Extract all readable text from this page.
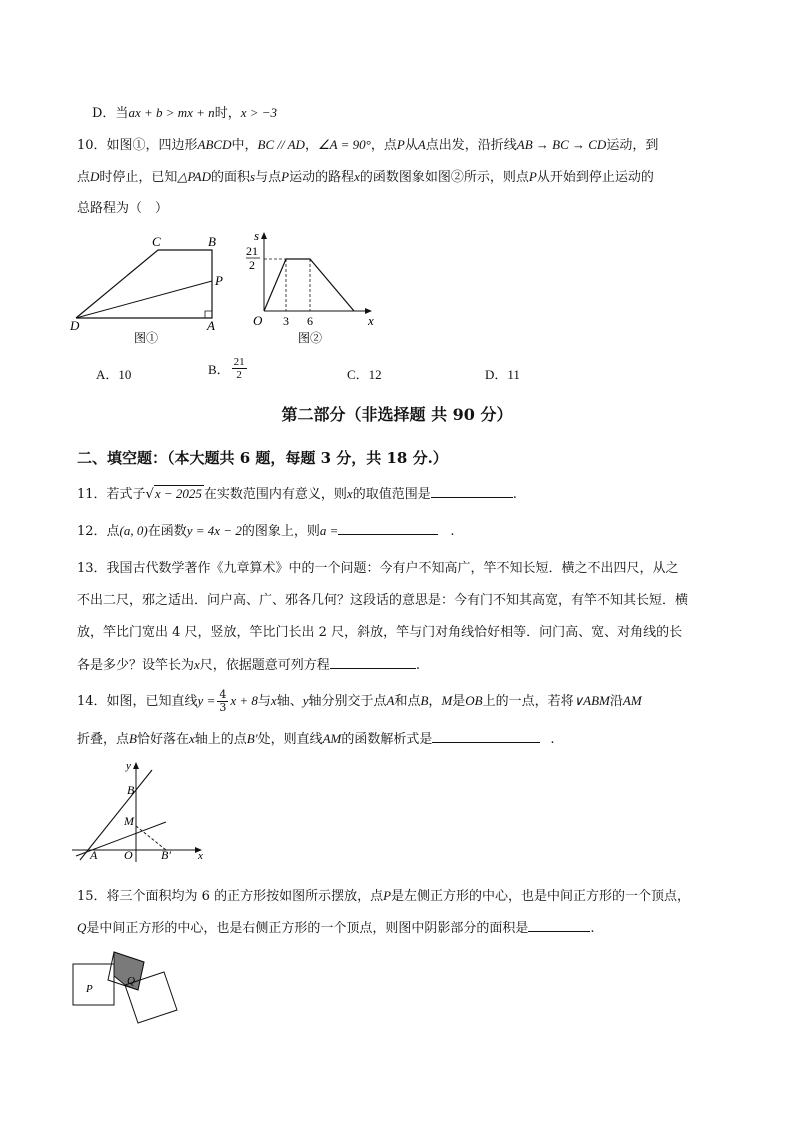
D．当ax + b > mx + n时，x > −3
10．如图①，四边形ABCD中，BC // AD，∠A = 90°，点P从A点出发，沿折线AB → BC → CD运动，到
点D时停止，已知△PAD的面积s与点P运动的路程x的函数图象如图②所示，则点P从开始到停止运动的
总路程为（　）
C	B
P
D	A
图①
s
21
2
O 3 6	x
图②
A．10	B． $\frac{21}{2}$	C．12	D．11
第二部分（非选择题 共 90 分）
二、填空题：（本大题共 6 题，每题 3 分，共 18 分.）
11．若式子√x − 2025 在实数范围内有意义，则x的取值范围是	.
12．点(a, 0)在函数y = 4x − 2的图象上，则a =	.
13．我国古代数学著作《九章算术》中的一个问题：今有户不知高广，竿不知长短．横之不出四尺，从之
不出二尺，邪之适出．问户高、广、邪各几何？这段话的意思是：今有门不知其高宽，有竿不知其长短．横
放，竿比门宽出 4 尺，竖放，竿比门长出 2 尺，斜放，竿与门对角线恰好相等．问门高、宽、对角线的长
各是多少？设竿长为x尺，依据题意可列方程	.
14．如图，已知直线$y = \frac{4}{3}$ x + 8与x轴、y轴分别交于点A和点B，M是OB上的一点，若将∨ABM沿AM
折叠，点B恰好落在x轴上的点B′处，则直线AM的函数解析式是	.
y
B
M
A O B′ x
15．将三个面积均为 6 的正方形按如图所示摆放，点P是左侧正方形的中心，也是中间正方形的一个顶点，
Q是中间正方形的中心，也是右侧正方形的一个顶点，则图中阴影部分的面积是	.
P
Q
